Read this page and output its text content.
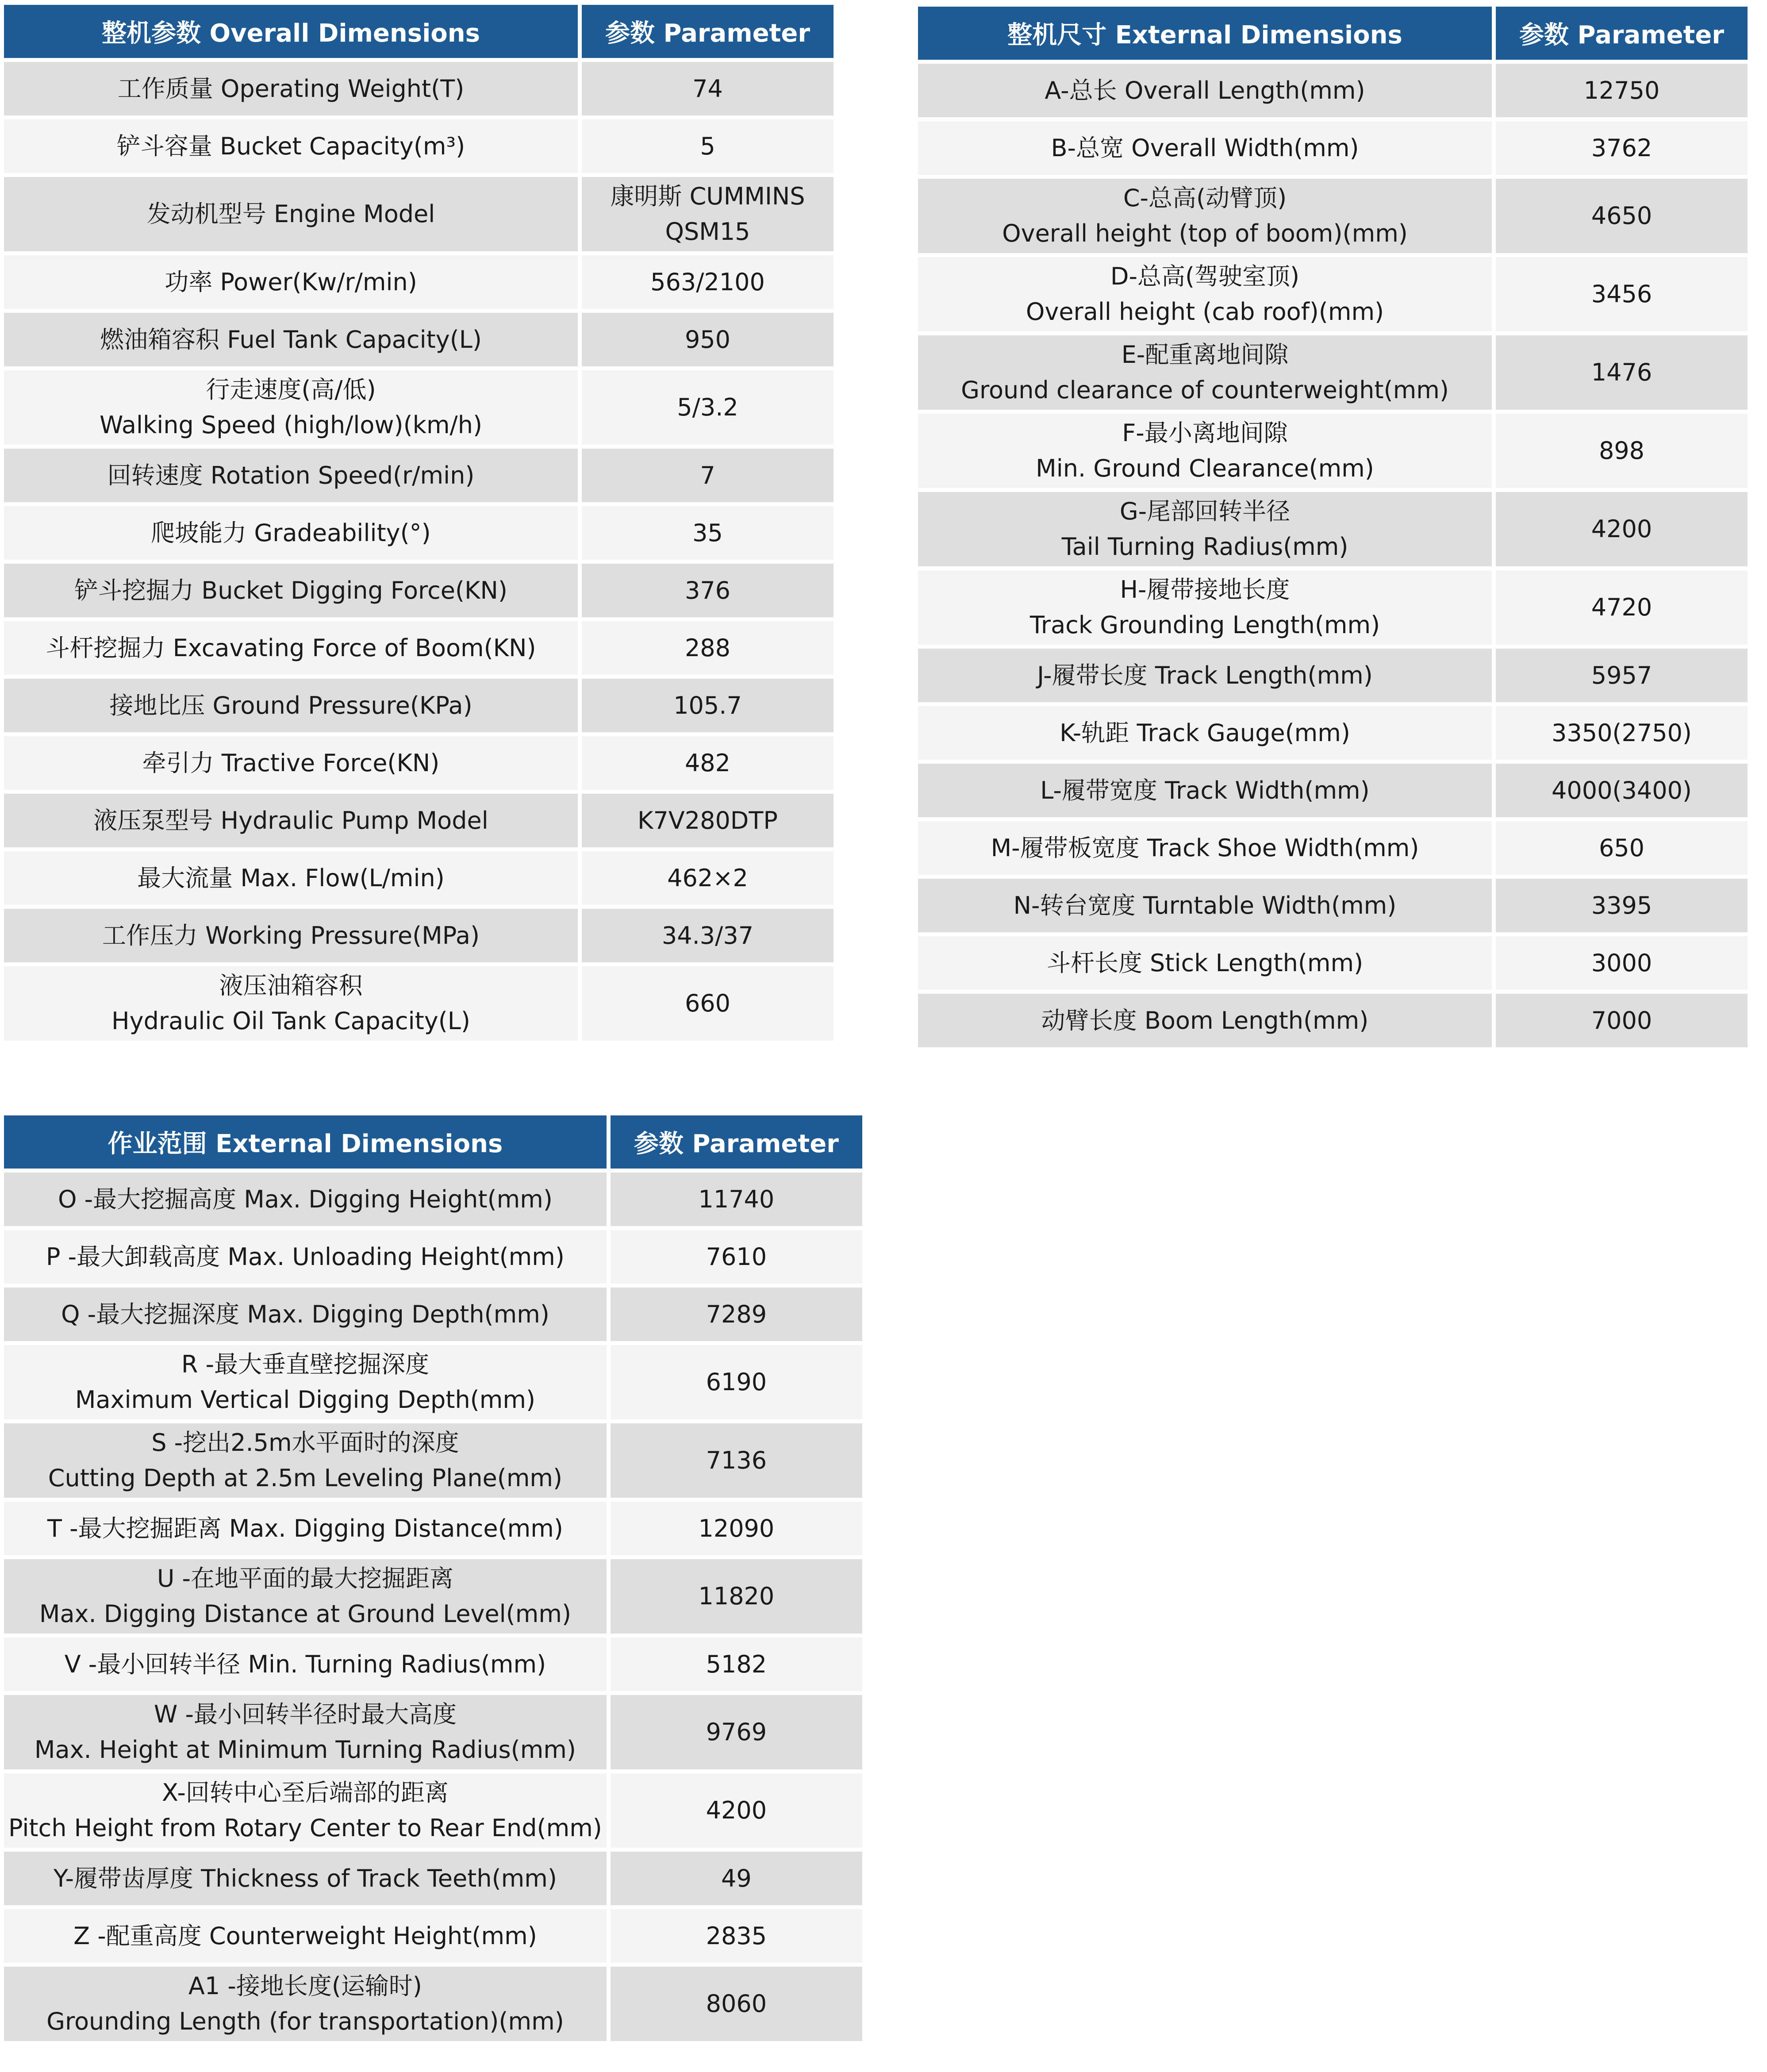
整机参数 Overall Dimensions	参数 Parameter

工作质量 Operating Weight(T)	74

铲斗容量 Bucket Capacity(m³)	5

发动机型号 Engine Model	康明斯 CUMMINS
QSM15

功率 Power(Kw/r/min)	563/2100

燃油箱容积 Fuel Tank Capacity(L)	950

行走速度(高/低)
Walking Speed (high/low)(km/h)	5/3.2

回转速度 Rotation Speed(r/min)	7

爬坡能力 Gradeability(°)	35

铲斗挖掘力 Bucket Digging Force(KN)	376

斗杆挖掘力 Excavating Force of Boom(KN)	288

接地比压 Ground Pressure(KPa)	105.7

牵引力 Tractive Force(KN)	482

液压泵型号 Hydraulic Pump Model	K7V280DTP

最大流量 Max. Flow(L/min)	462×2

工作压力 Working Pressure(MPa)	34.3/37

液压油箱容积
Hydraulic Oil Tank Capacity(L)	660
整机尺寸 External Dimensions	参数 Parameter

A-总长 Overall Length(mm)	12750

B-总宽 Overall Width(mm)	3762

C-总高(动臂顶)
Overall height (top of boom)(mm)	4650

D-总高(驾驶室顶)
Overall height (cab roof)(mm)	3456

E-配重离地间隙
Ground clearance of counterweight(mm)	1476

F-最小离地间隙
Min. Ground Clearance(mm)	898

G-尾部回转半径
Tail Turning Radius(mm)	4200

H-履带接地长度
Track Grounding Length(mm)	4720

J-履带长度 Track Length(mm)	5957

K-轨距 Track Gauge(mm)	3350(2750)

L-履带宽度 Track Width(mm)	4000(3400)

M-履带板宽度 Track Shoe Width(mm)	650

N-转台宽度 Turntable Width(mm)	3395

斗杆长度 Stick Length(mm)	3000

动臂长度 Boom Length(mm)	7000
作业范围 External Dimensions	参数 Parameter

O -最大挖掘高度 Max. Digging Height(mm)	11740

P -最大卸载高度 Max. Unloading Height(mm)	7610

Q -最大挖掘深度 Max. Digging Depth(mm)	7289

R -最大垂直壁挖掘深度
Maximum Vertical Digging Depth(mm)	6190

S -挖出2.5m水平面时的深度
Cutting Depth at 2.5m Leveling Plane(mm)	7136

T -最大挖掘距离 Max. Digging Distance(mm)	12090

U -在地平面的最大挖掘距离
Max. Digging Distance at Ground Level(mm)	11820

V -最小回转半径 Min. Turning Radius(mm)	5182

W -最小回转半径时最大高度
Max. Height at Minimum Turning Radius(mm)	9769

X-回转中心至后端部的距离
Pitch Height from Rotary Center to Rear End(mm)	4200

Y-履带齿厚度 Thickness of Track Teeth(mm)	49

Z -配重高度 Counterweight Height(mm)	2835

A1 -接地长度(运输时)
Grounding Length (for transportation)(mm)	8060
